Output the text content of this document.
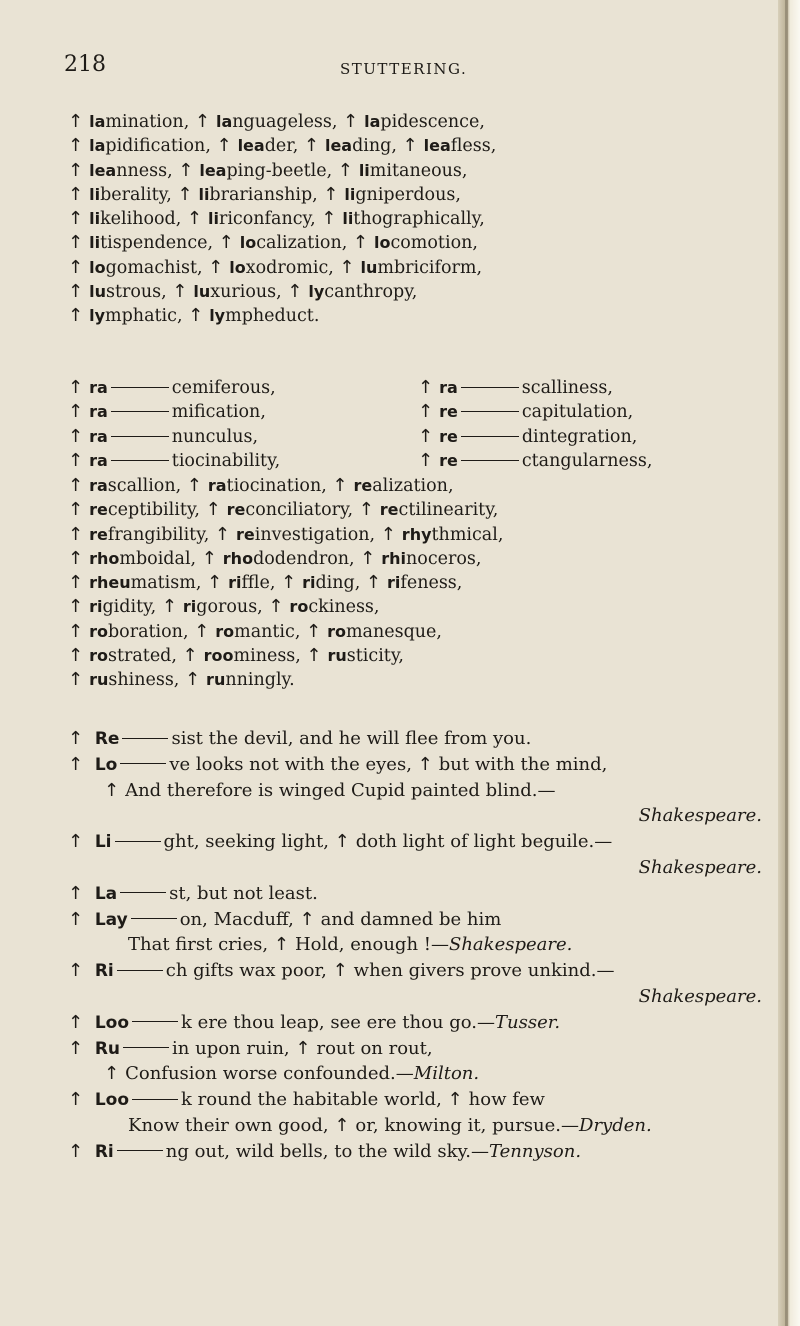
218	STUTTERING.
↑ lamination, ↑ languageless, ↑ lapidescence,
↑ lapidification, ↑ leader, ↑ leading, ↑ leafless,
↑ leanness, ↑ leaping-beetle, ↑ limitaneous,
↑ liberality, ↑ librarianship, ↑ ligniperdous,
↑ likelihood, ↑ liriconfancy, ↑ lithographically,
↑ litispendence, ↑ localization, ↑ locomotion,
↑ logomachist, ↑ loxodromic, ↑ lumbriciform,
↑ lustrous, ↑ luxurious, ↑ lycanthropy,
↑ lymphatic, ↑ lympheduct.
↑ ra	cemiferous,	↑ ra	scalliness,
↑ ra	mification,	↑ re	capitulation,
↑ ra	nunculus,	↑ re	dintegration,
↑ ra	tiocinability,	↑ re	ctangularness,
↑ rascallion, ↑ ratiocination, ↑ realization,
↑ receptibility, ↑ reconciliatory, ↑ rectilinearity,
↑ refrangibility, ↑ reinvestigation, ↑ rhythmical,
↑ rhomboidal, ↑ rhododendron, ↑ rhinoceros,
↑ rheumatism, ↑ riffle, ↑ riding, ↑ rifeness,
↑ rigidity, ↑ rigorous, ↑ rockiness,
↑ roboration, ↑ romantic, ↑ romanesque,
↑ rostrated, ↑ roominess, ↑ rusticity,
↑ rushiness, ↑ runningly.
↑ Re	sist the devil, and he will flee from you.
↑ Lo	ve looks not with the eyes, ↑ but with the mind,
↑ And therefore is winged Cupid painted blind.—
Shakespeare.
↑ Li	ght, seeking light, ↑ doth light of light beguile.—
Shakespeare.
↑ La	st, but not least.
↑ Lay	on, Macduff, ↑ and damned be him
That first cries, ↑ Hold, enough !—Shakespeare.
↑ Ri	ch gifts wax poor, ↑ when givers prove unkind.—
Shakespeare.
↑ Loo	k ere thou leap, see ere thou go.—Tusser.
↑ Ru	in upon ruin, ↑ rout on rout,
↑ Confusion worse confounded.—Milton.
↑ Loo	k round the habitable world, ↑ how few
Know their own good, ↑ or, knowing it, pursue.—Dryden.
↑ Ri	ng out, wild bells, to the wild sky.—Tennyson.
